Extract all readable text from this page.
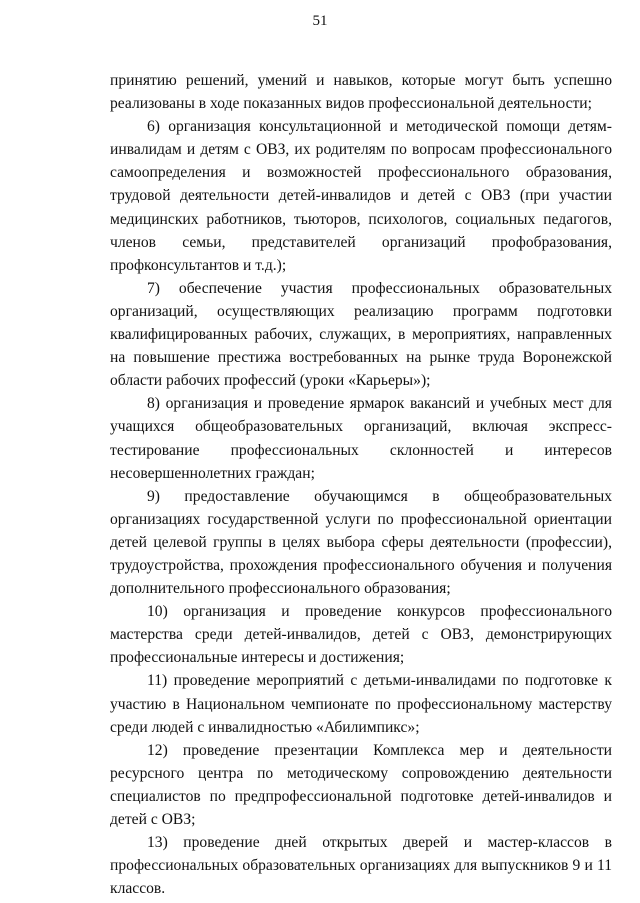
51

принятию решений, умений и навыков, которые могут быть успешно реализованы в ходе показанных видов профессиональной деятельности;

6) организация консультационной и методической помощи детям-инвалидам и детям с ОВЗ, их родителям по вопросам профессионального самоопределения и возможностей профессионального образования, трудовой деятельности детей-инвалидов и детей с ОВЗ (при участии медицинских работников, тьюторов, психологов, социальных педагогов, членов семьи, представителей организаций профобразования, профконсультантов и т.д.);

7) обеспечение участия профессиональных образовательных организаций, осуществляющих реализацию программ подготовки квалифицированных рабочих, служащих, в мероприятиях, направленных на повышение престижа востребованных на рынке труда Воронежской области рабочих профессий (уроки «Карьеры»);

8) организация и проведение ярмарок вакансий и учебных мест для учащихся общеобразовательных организаций, включая экспресс-тестирование профессиональных склонностей и интересов несовершеннолетних граждан;

9) предоставление обучающимся в общеобразовательных организациях государственной услуги по профессиональной ориентации детей целевой группы в целях выбора сферы деятельности (профессии), трудоустройства, прохождения профессионального обучения и получения дополнительного профессионального образования;

10) организация и проведение конкурсов профессионального мастерства среди детей-инвалидов, детей с ОВЗ, демонстрирующих профессиональные интересы и достижения;

11) проведение мероприятий с детьми-инвалидами по подготовке к участию в Национальном чемпионате по профессиональному мастерству среди людей с инвалидностью «Абилимпикс»;

12) проведение презентации Комплекса мер и деятельности ресурсного центра по методическому сопровождению деятельности специалистов по предпрофессиональной подготовке детей-инвалидов и детей с ОВЗ;

13) проведение дней открытых дверей и мастер-классов в профессиональных образовательных организациях для выпускников 9 и 11 классов.
